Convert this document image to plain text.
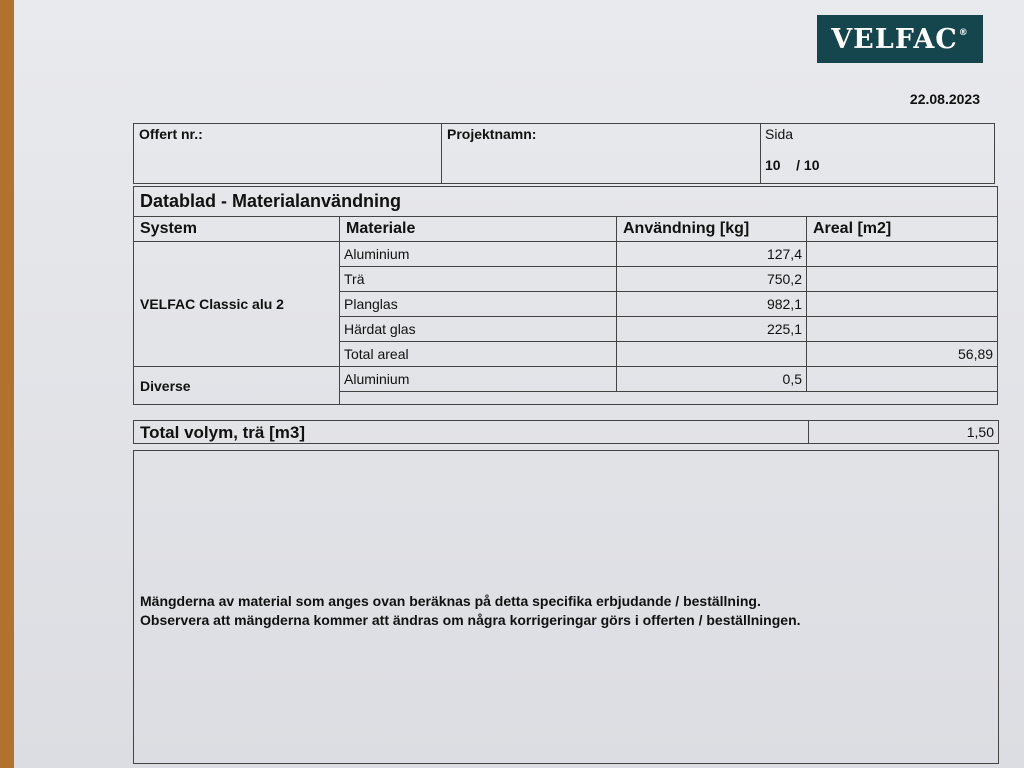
VELFAC®
22.08.2023
Offert nr.:	Projektnamn:	Sida
10 / 10
Datablad - Materialanvändning			
System	Materiale	Användning [kg]	Areal [m2]
VELFAC Classic alu 2	Aluminium	127,4	
	Trä	750,2	
	Planglas	982,1	
	Härdat glas	225,1	
	Total areal		56,89
Diverse	Aluminium	0,5	

Total volym, trä [m3]	1,50
Mängderna av material som anges ovan beräknas på detta specifika erbjudande / beställning.
Observera att mängderna kommer att ändras om några korrigeringar görs i offerten / beställningen.
